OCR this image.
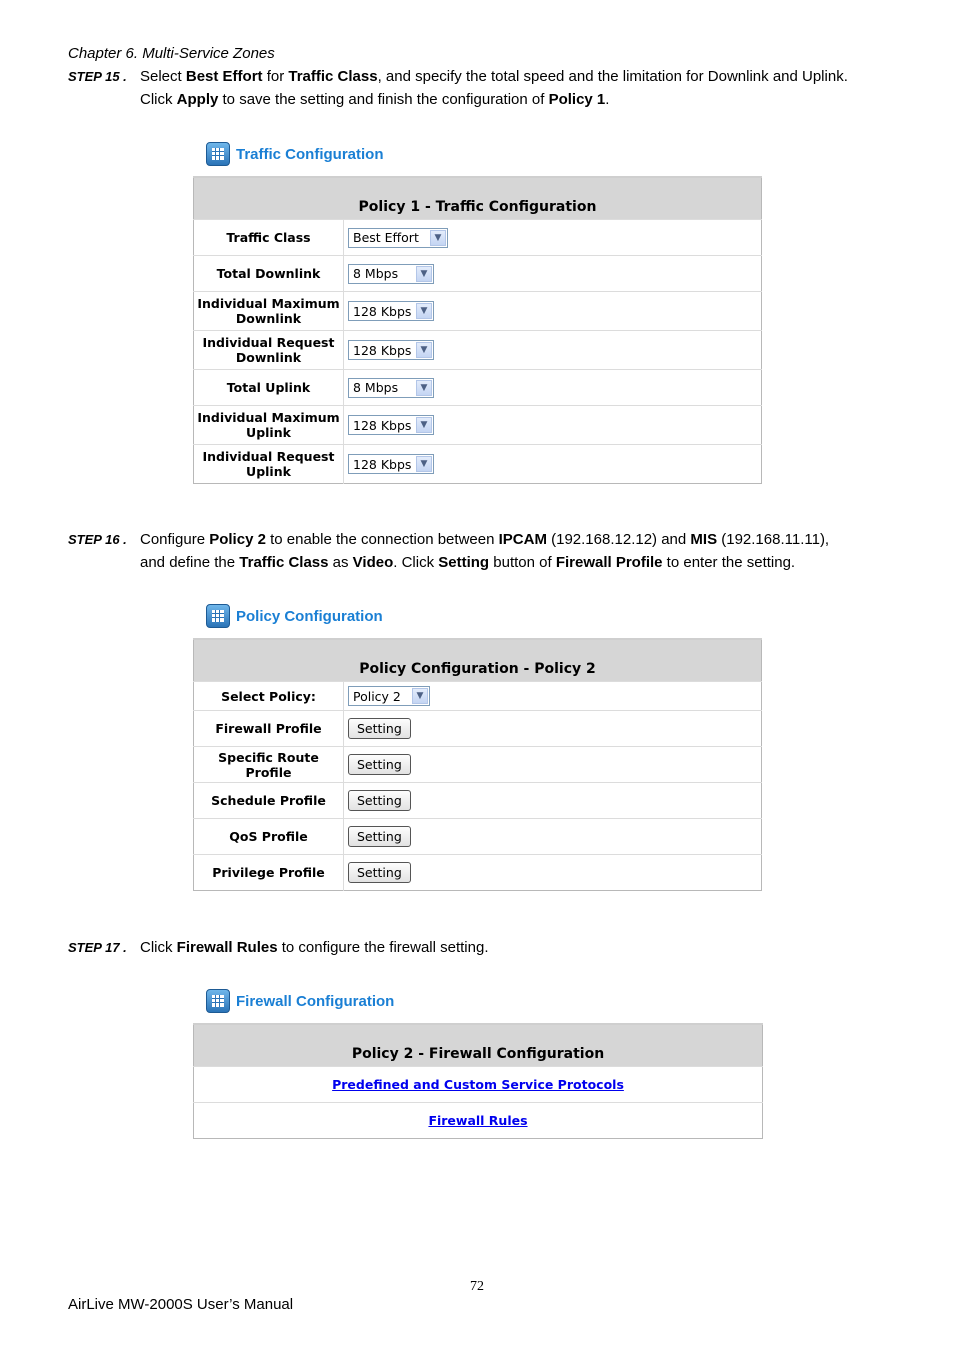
Chapter 6. Multi-Service Zones
STEP 15 . Select Best Effort for Traffic Class, and specify the total speed and the limitation for Downlink and Uplink.
Click Apply to save the setting and finish the configuration of Policy 1.
Traffic Configuration
Policy 1 - Traffic Configuration	
Traffic Class	Best Effort ▼

Total Downlink	8 Mbps ▼

Individual Maximum
Downlink	128 Kbps ▼

Individual Request
Downlink	128 Kbps ▼

Total Uplink	8 Mbps ▼

Individual Maximum
Uplink	128 Kbps ▼

Individual Request
Uplink	128 Kbps ▼
STEP 16 . Configure Policy 2 to enable the connection between IPCAM (192.168.12.12) and MIS (192.168.11.11),
and define the Traffic Class as Video. Click Setting button of Firewall Profile to enter the setting.
Policy Configuration
Policy Configuration - Policy 2	
Select Policy:	Policy 2 ▼

Firewall Profile	Setting
Specific Route Profile	Setting
Schedule Profile	Setting
QoS Profile	Setting
Privilege Profile	Setting
STEP 17 . Click Firewall Rules to configure the firewall setting.
Firewall Configuration
Policy 2 - Firewall Configuration
Predefined and Custom Service Protocols
Firewall Rules
72
AirLive MW-2000S User’s Manual
